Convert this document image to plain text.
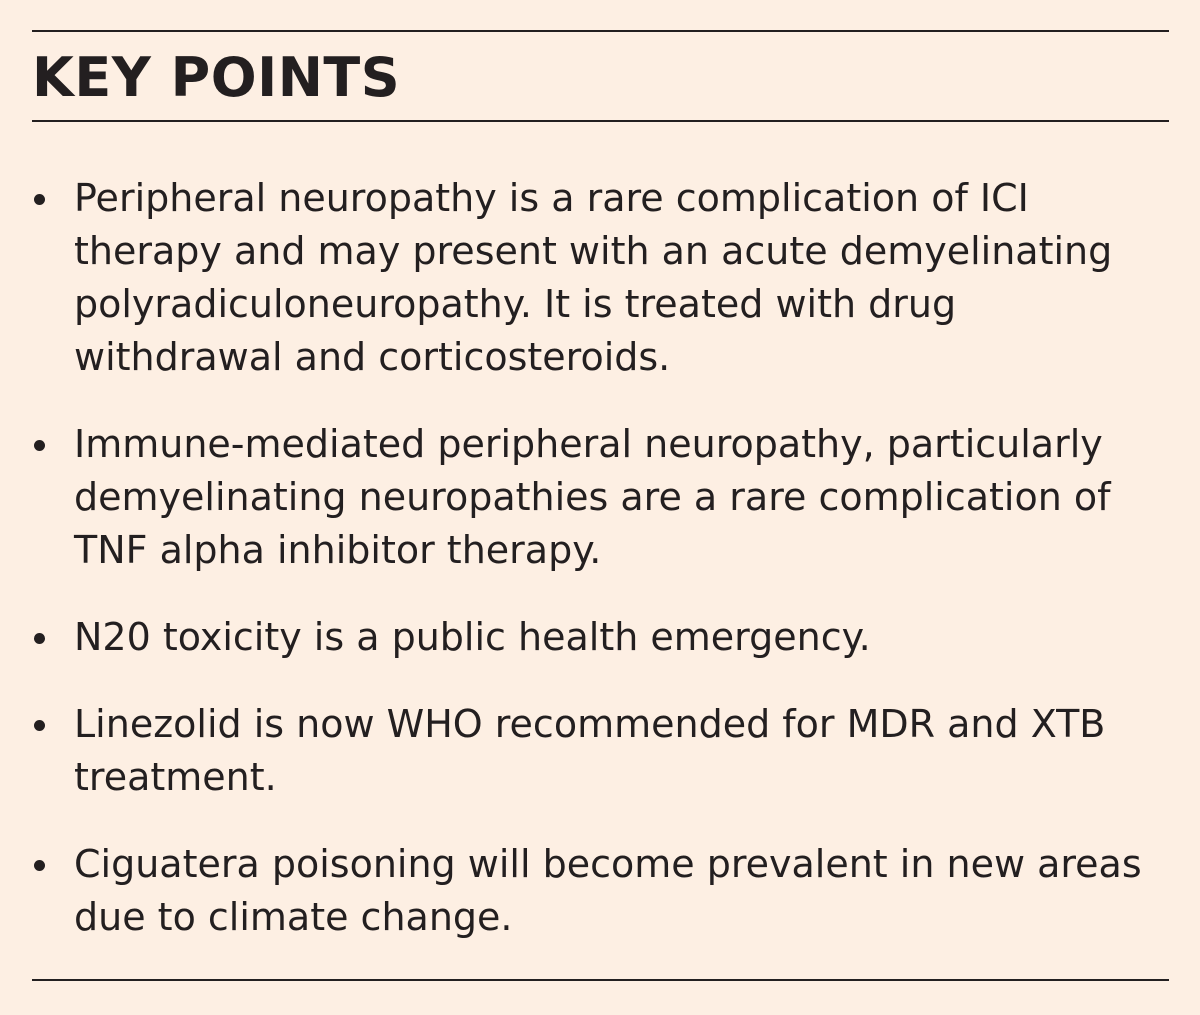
KEY POINTS
Peripheral neuropathy is a rare complication of ICI therapy and may present with an acute demyelinating polyradiculoneuropathy. It is treated with drug withdrawal and corticosteroids.
Immune-mediated peripheral neuropathy, particularly demyelinating neuropathies are a rare complication of TNF alpha inhibitor therapy.
N20 toxicity is a public health emergency.
Linezolid is now WHO recommended for MDR and XTB treatment.
Ciguatera poisoning will become prevalent in new areas due to climate change.
